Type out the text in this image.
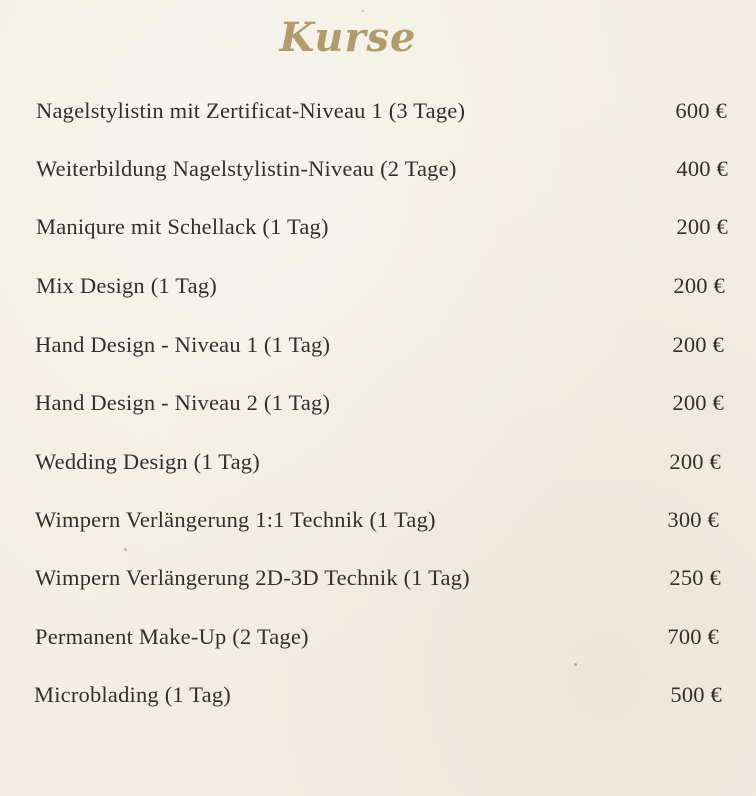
Kurse
Nagelstylistin mit Zertificat-Niveau 1 (3 Tage)	600 €
Weiterbildung Nagelstylistin-Niveau (2 Tage)	400 €
Maniqure mit Schellack (1 Tag)	200 €
Mix Design (1 Tag)	200 €
Hand Design - Niveau 1 (1 Tag)	200 €
Hand Design - Niveau 2 (1 Tag)	200 €
Wedding Design (1 Tag)	200 €
Wimpern Verlängerung 1:1 Technik (1 Tag)	300 €
Wimpern Verlängerung 2D-3D Technik (1 Tag)	250 €
Permanent Make-Up (2 Tage)	700 €
Microblading (1 Tag)	500 €
